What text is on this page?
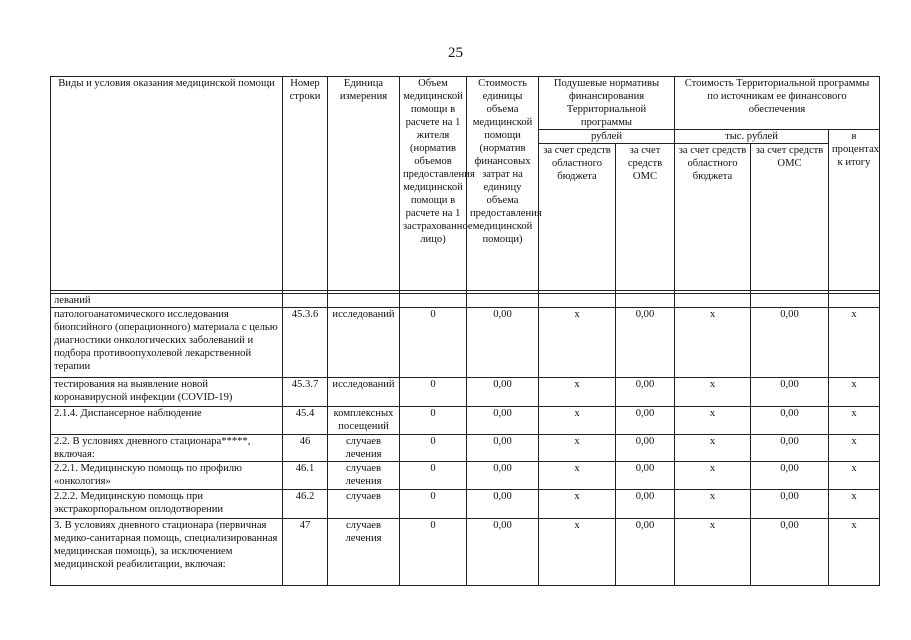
25
Виды и условия оказания медицинской помощи	Номер строки	Единица измерения	Объем медицинской помощи в расчете на 1 жителя (норматив объемов предоставления медицинской помощи в расчете на 1 застрахованное лицо)	Стоимость единицы объема медицинской помощи (норматив финансовых затрат на единицу объема предоставления медицинской помощи)	Подушевые нормативы финансирования Территориальной программы		Стоимость Территориальной программы по источникам ее финансового обеспечения		
					рублей		тыс. рублей		в процентах к итогу
					за счет средств областного бюджета	за счет средств ОМС	за счет средств областного бюджета	за счет средств ОМС	

леваний									
патологоанатомического исследования биопсийного (операционного) материала с целью диагностики онкологических заболеваний и подбора противоопухолевой лекарственной терапии	45.3.6	исследований	0	0,00	x	0,00	x	0,00	x
тестирования на выявление новой коронавирусной инфекции (COVID-19)	45.3.7	исследований	0	0,00	x	0,00	x	0,00	x
2.1.4. Диспансерное наблюдение	45.4	комплексных посещений	0	0,00	x	0,00	x	0,00	x
2.2. В условиях дневного стационара*****, включая:	46	случаев лечения	0	0,00	x	0,00	x	0,00	x
2.2.1. Медицинскую помощь по профилю «онкология»	46.1	случаев лечения	0	0,00	x	0,00	x	0,00	x
2.2.2. Медицинскую помощь при экстракорпоральном оплодотворении	46.2	случаев	0	0,00	x	0,00	x	0,00	x
3. В условиях дневного стационара (первичная медико-санитарная помощь, специализированная медицинская помощь), за исключением медицинской реабилитации, включая:	47	случаев лечения	0	0,00	x	0,00	x	0,00	x
